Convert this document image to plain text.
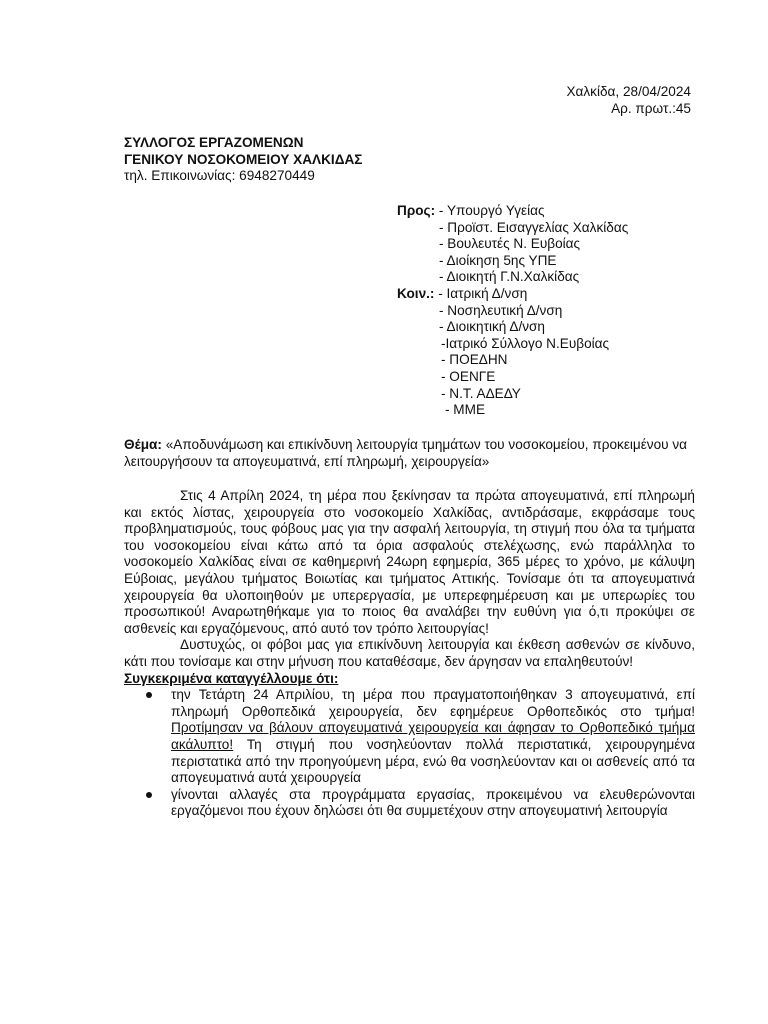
Χαλκίδα, 28/04/2024
Αρ. πρωτ.:45
ΣΥΛΛΟΓΟΣ ΕΡΓΑΖΟΜΕΝΩΝ
ΓΕΝΙΚΟΥ ΝΟΣΟΚΟΜΕΙΟΥ ΧΑΛΚΙΔΑΣ
τηλ. Επικοινωνίας: 6948270449
Προς: - Υπουργό Υγείας
- Προϊστ. Εισαγγελίας Χαλκίδας
- Βουλευτές Ν. Ευβοίας
- Διοίκηση 5ης ΥΠΕ
- Διοικητή Γ.Ν.Χαλκίδας
Κοιν.: - Ιατρική Δ/νση
- Νοσηλευτική Δ/νση
- Διοικητική Δ/νση
-Ιατρικό Σύλλογο Ν.Ευβοίας
- ΠΟΕΔΗΝ
- ΟΕΝΓΕ
- Ν.Τ. ΑΔΕΔΥ
- ΜΜΕ
Θέμα: «Αποδυνάμωση και επικίνδυνη λειτουργία τμημάτων του νοσοκομείου, προκειμένου να λειτουργήσουν τα απογευματινά, επί πληρωμή, χειρουργεία»

Στις 4 Απρίλη 2024, τη μέρα που ξεκίνησαν τα πρώτα απογευματινά, επί πληρωμή και εκτός λίστας, χειρουργεία στο νοσοκομείο Χαλκίδας, αντιδράσαμε, εκφράσαμε τους προβληματισμούς, τους φόβους μας για την ασφαλή λειτουργία, τη στιγμή που όλα τα τμήματα του νοσοκομείου είναι κάτω από τα όρια ασφαλούς στελέχωσης, ενώ παράλληλα το νοσοκομείο Χαλκίδας είναι σε καθημερινή 24ωρη εφημερία, 365 μέρες το χρόνο, με κάλυψη Εύβοιας, μεγάλου τμήματος Βοιωτίας και τμήματος Αττικής. Τονίσαμε ότι τα απογευματινά χειρουργεία θα υλοποιηθούν με υπερεργασία, με υπερεφημέρευση και με υπερωρίες του προσωπικού! Αναρωτηθήκαμε για το ποιος θα αναλάβει την ευθύνη για ό,τι προκύψει σε ασθενείς και εργαζόμενους, από αυτό τον τρόπο λειτουργίας!

Δυστυχώς, οι φόβοι μας για επικίνδυνη λειτουργία και έκθεση ασθενών σε κίνδυνο, κάτι που τονίσαμε και στην μήνυση που καταθέσαμε, δεν άργησαν να επαληθευτούν!

Συγκεκριμένα καταγγέλλουμε ότι:

την Τετάρτη 24 Απριλίου, τη μέρα που πραγματοποιήθηκαν 3 απογευματινά, επί πληρωμή Ορθοπεδικά χειρουργεία, δεν εφημέρευε Ορθοπεδικός στο τμήμα! Προτίμησαν να βάλουν απογευματινά χειρουργεία και άφησαν το Ορθοπεδικό τμήμα ακάλυπτο! Τη στιγμή που νοσηλεύονταν πολλά περιστατικά, χειρουργημένα περιστατικά από την προηγούμενη μέρα, ενώ θα νοσηλεύονταν και οι ασθενείς από τα απογευματινά αυτά χειρουργεία
γίνονται αλλαγές στα προγράμματα εργασίας, προκειμένου να ελευθερώνονται εργαζόμενοι που έχουν δηλώσει ότι θα συμμετέχουν στην απογευματινή λειτουργία
